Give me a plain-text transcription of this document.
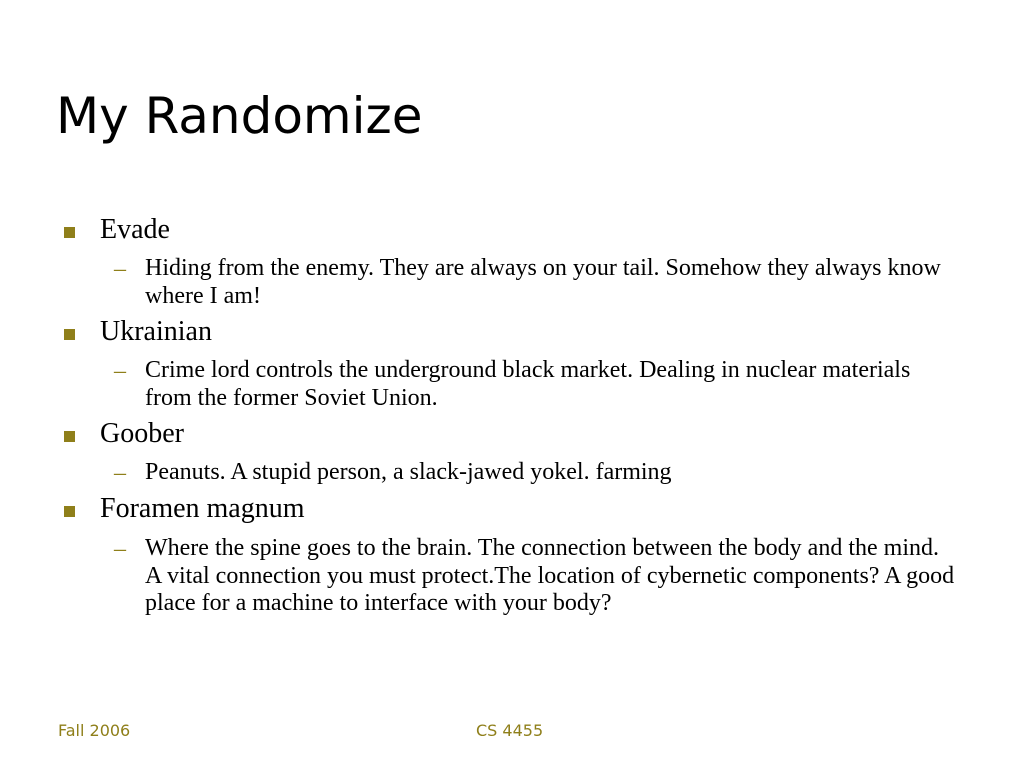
My Randomize
Evade
– Hiding from the enemy. They are always on your tail. Somehow they always know where I am!
Ukrainian
– Crime lord controls the underground black market. Dealing in nuclear materials from the former Soviet Union.
Goober
– Peanuts. A stupid person, a slack-jawed yokel. farming
Foramen magnum
– Where the spine goes to the brain. The connection between the body and the mind. A vital connection you must protect.The location of cybernetic components? A good place for a machine to interface with your body?
Fall 2006	CS 4455
